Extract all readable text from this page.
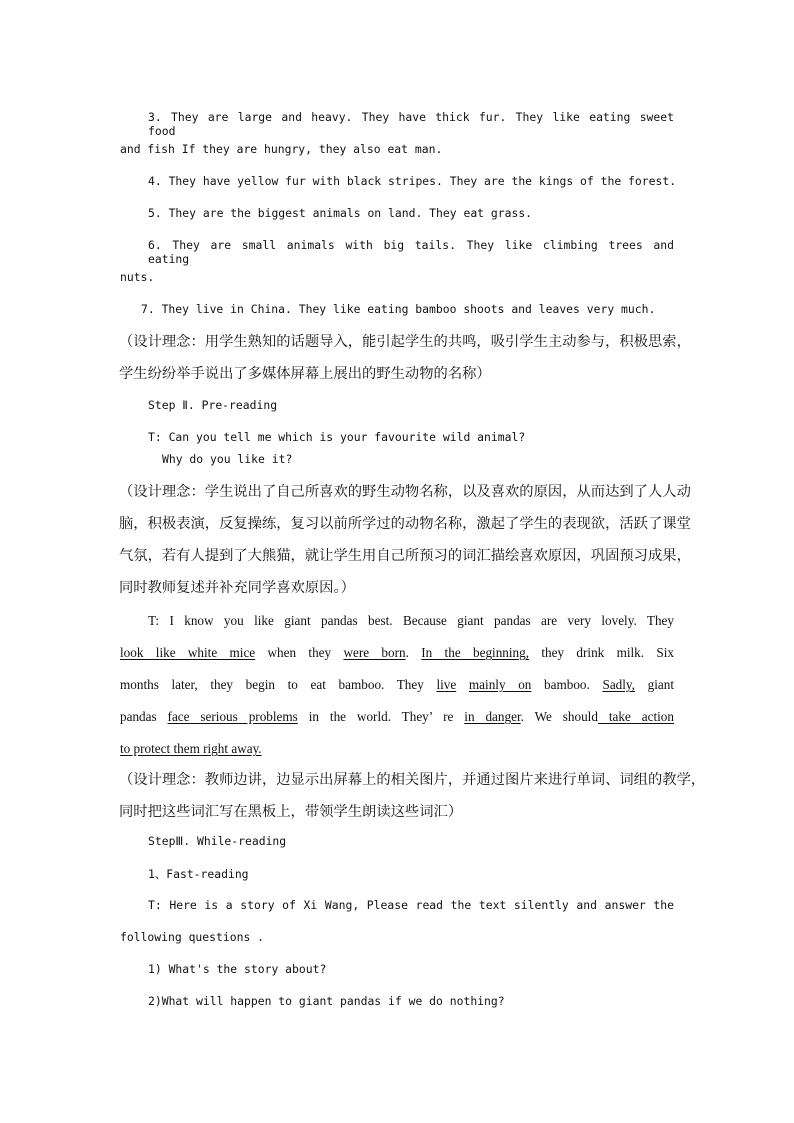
3. They are large and heavy. They have thick fur. They like eating sweet food
and fish If they are hungry, they also eat man.
4. They have yellow fur with black stripes. They are the kings of the forest.
5. They are the biggest animals on land. They eat grass.
6. They are small animals with big tails. They like climbing trees and eating
nuts.
7. They live in China. They like eating bamboo shoots and leaves very much.
（设计理念：用学生熟知的话题导入，能引起学生的共鸣，吸引学生主动参与，积极思索，
学生纷纷举手说出了多媒体屏幕上展出的野生动物的名称）
Step Ⅱ. Pre-reading
T: Can you tell me which is your favourite wild animal?
Why do you like it?
（设计理念：学生说出了自己所喜欢的野生动物名称，以及喜欢的原因，从而达到了人人动
脑，积极表演，反复操练，复习以前所学过的动物名称，激起了学生的表现欲，活跃了课堂
气氛，若有人提到了大熊猫，就让学生用自己所预习的词汇描绘喜欢原因，巩固预习成果，
同时教师复述并补充同学喜欢原因。）
T: I know you like giant pandas best. Because giant pandas are very lovely. They
look like white mice when they were born. In the beginning, they drink milk. Six
months later, they begin to eat bamboo. They live mainly on bamboo. Sadly, giant
pandas face serious problems in the world. They’ re in danger. We should take action
to protect them right away.
（设计理念：教师边讲，边显示出屏幕上的相关图片，并通过图片来进行单词、词组的教学，
同时把这些词汇写在黑板上，带领学生朗读这些词汇）
StepⅢ. While-reading
1、Fast-reading
T: Here is a story of Xi Wang, Please read the text silently and answer the
following questions .
1) What's the story about?
2)What will happen to giant pandas if we do nothing?
